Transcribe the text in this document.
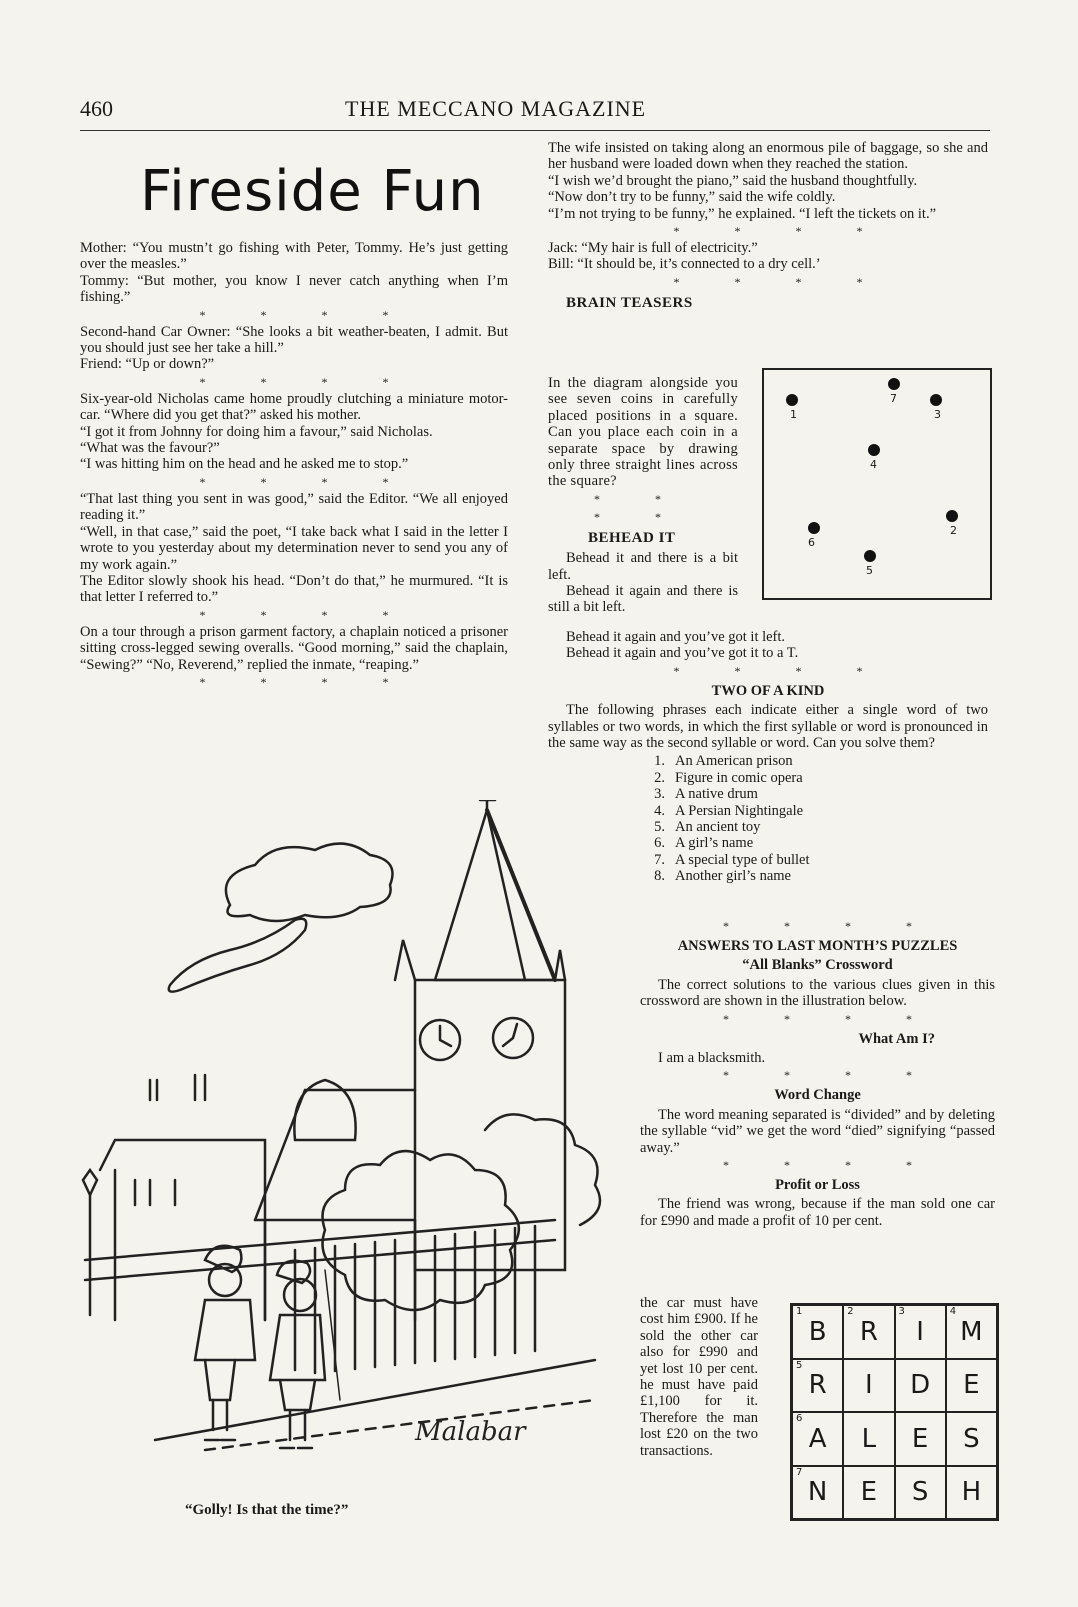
460	THE MECCANO MAGAZINE
Fireside Fun

Mother: “You mustn’t go fishing with Peter, Tommy. He’s just getting over the measles.”

Tommy: “But mother, you know I never catch anything when I’m fishing.”

* * * *

Second-hand Car Owner: “She looks a bit weather-beaten, I admit. But you should just see her take a hill.”

Friend: “Up or down?”

* * * *

Six-year-old Nicholas came home proudly clutching a miniature motor-car. “Where did you get that?” asked his mother.

“I got it from Johnny for doing him a favour,” said Nicholas.

“What was the favour?”

“I was hitting him on the head and he asked me to stop.”

* * * *

“That last thing you sent in was good,” said the Editor. “We all enjoyed reading it.”

“Well, in that case,” said the poet, “I take back what I said in the letter I wrote to you yesterday about my determination never to send you any of my work again.”

The Editor slowly shook his head. “Don’t do that,” he murmured. “It is that letter I referred to.”

* * * *

On a tour through a prison garment factory, a chaplain noticed a prisoner sitting cross-legged sewing overalls. “Good morning,” said the chaplain, “Sewing?” “No, Reverend,” replied the inmate, “reaping.”

* * * *
Malabar
“Golly! Is that the time?”

The wife insisted on taking along an enormous pile of baggage, so she and her husband were loaded down when they reached the station.

“I wish we’d brought the piano,” said the husband thoughtfully.

“Now don’t try to be funny,” said the wife coldly.

“I’m not trying to be funny,” he explained. “I left the tickets on it.”

* * * *

Jack: “My hair is full of electricity.”

Bill: “It should be, it’s connected to a dry cell.’

* * * *
BRAIN TEASERS

In the diagram alongside you see seven coins in carefully placed positions in a square. Can you place each coin in a separate space by drawing only three straight lines across the square?

* * * *
BEHEAD IT

Behead it and there is a bit left.

Behead it again and there is still a bit left.

7
1	3
4
2
6
5

Behead it again and you’ve got it left.

Behead it again and you’ve got it to a T.

* * * *
TWO OF A KIND

The following phrases each indicate either a single word of two syllables or two words, in which the first syllable or word is pronounced in the same way as the second syllable or word. Can you solve them?

1. An American prison
2. Figure in comic opera
3. A native drum
4. A Persian Nightingale
5. An ancient toy
6. A girl’s name
7. A special type of bullet
8. Another girl’s name
* * * *
ANSWERS TO LAST MONTH’S PUZZLES
“All Blanks” Crossword

The correct solutions to the various clues given in this crossword are shown in the illustration below.

* * * *
What Am I?

I am a blacksmith.

* * * *
Word Change

The word meaning separated is “divided” and by deleting the syllable “vid” we get the word “died” signifying “passed away.”

* * * *
Profit or Loss

The friend was wrong, because if the man sold one car for £990 and made a profit of 10 per cent.

the car must have cost him £900. If he sold the other car also for £990 and yet lost 10 per cent. he must have paid £1,100 for it. Therefore the man lost £20 on the two transactions.

1
B
2
R
3
I
4
M
5
R I D E
6
A L E S
7
N E S H
